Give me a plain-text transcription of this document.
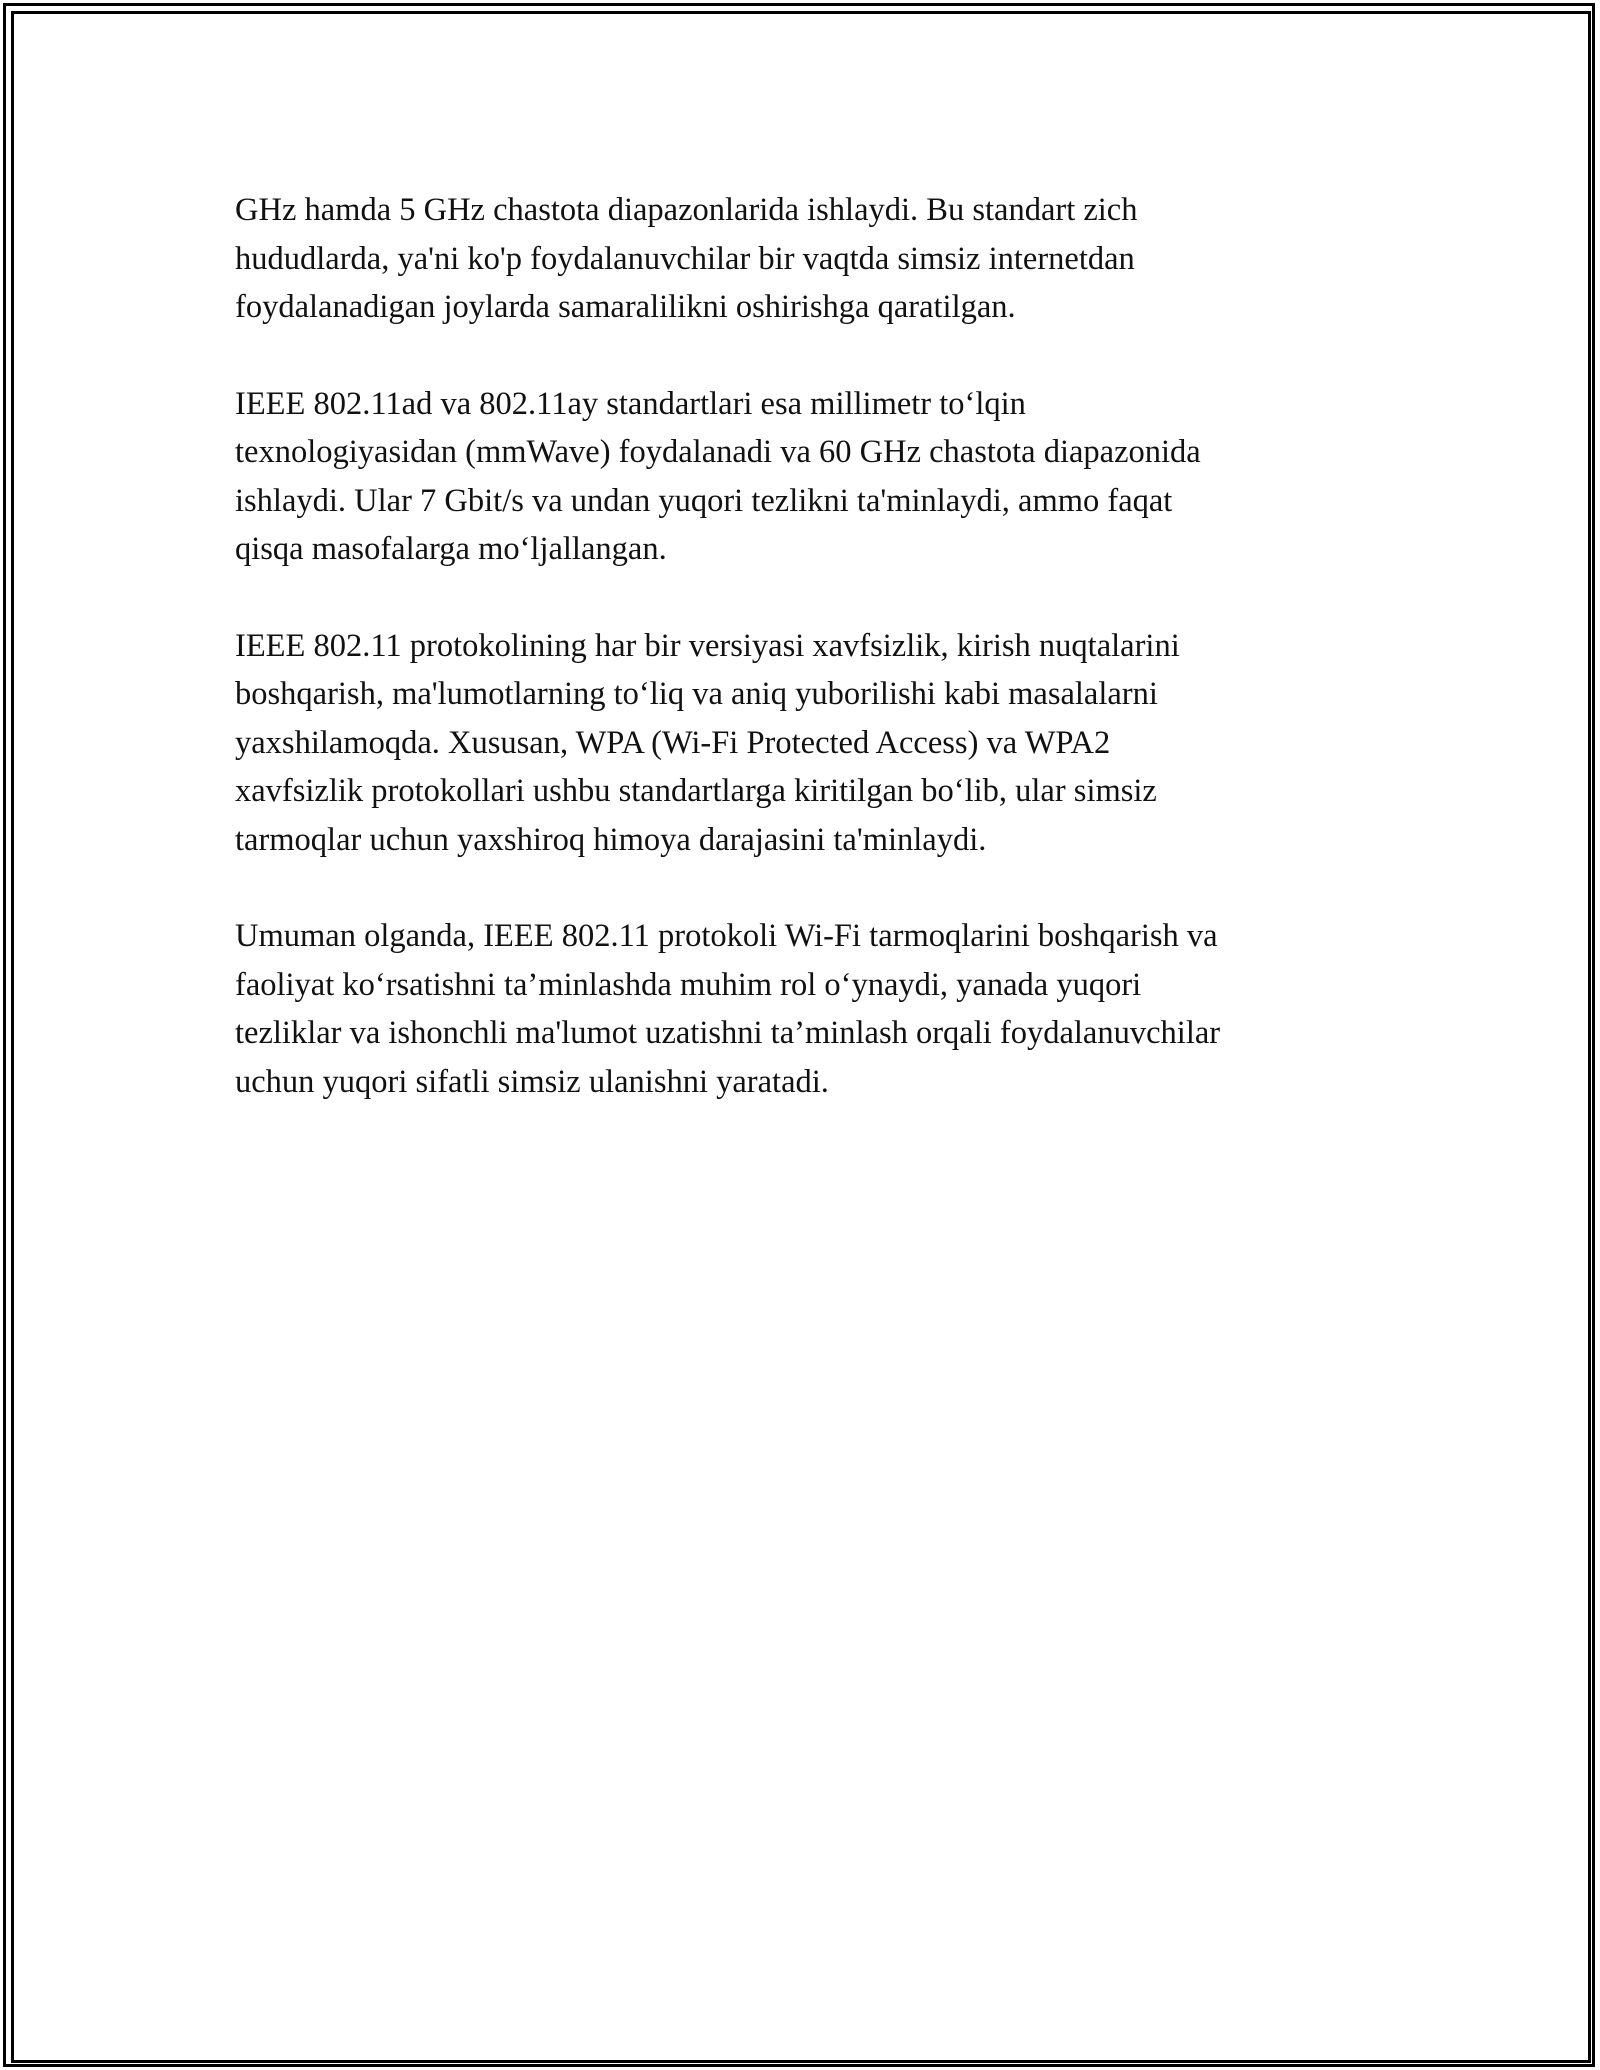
GHz hamda 5 GHz chastota diapazonlarida ishlaydi. Bu standart zich
hududlarda, ya'ni ko'p foydalanuvchilar bir vaqtda simsiz internetdan
foydalanadigan joylarda samaralilikni oshirishga qaratilgan.

IEEE 802.11ad va 802.11ay standartlari esa millimetr to‘lqin
texnologiyasidan (mmWave) foydalanadi va 60 GHz chastota diapazonida
ishlaydi. Ular 7 Gbit/s va undan yuqori tezlikni ta'minlaydi, ammo faqat
qisqa masofalarga mo‘ljallangan.

IEEE 802.11 protokolining har bir versiyasi xavfsizlik, kirish nuqtalarini
boshqarish, ma'lumotlarning to‘liq va aniq yuborilishi kabi masalalarni
yaxshilamoqda. Xususan, WPA (Wi-Fi Protected Access) va WPA2
xavfsizlik protokollari ushbu standartlarga kiritilgan bo‘lib, ular simsiz
tarmoqlar uchun yaxshiroq himoya darajasini ta'minlaydi.

Umuman olganda, IEEE 802.11 protokoli Wi-Fi tarmoqlarini boshqarish va
faoliyat ko‘rsatishni ta’minlashda muhim rol o‘ynaydi, yanada yuqori
tezliklar va ishonchli ma'lumot uzatishni ta’minlash orqali foydalanuvchilar
uchun yuqori sifatli simsiz ulanishni yaratadi.
